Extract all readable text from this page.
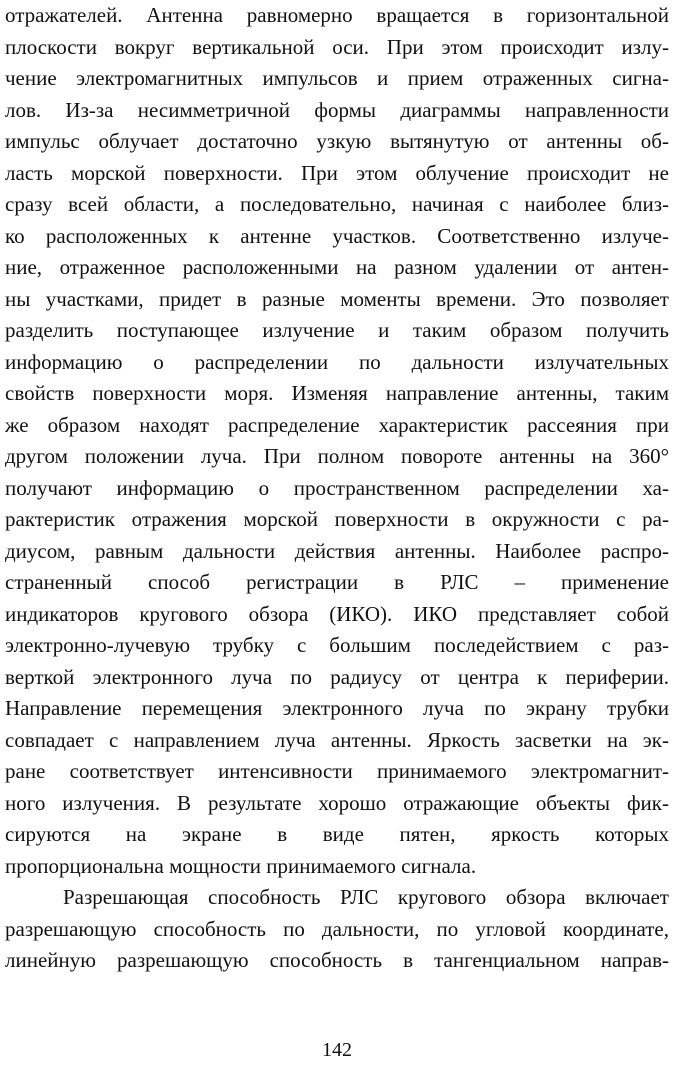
отражателей. Антенна равномерно вращается в горизонтальной
плоскости вокруг вертикальной оси. При этом происходит излу-
чение электромагнитных импульсов и прием отраженных сигна-
лов. Из-за несимметричной формы диаграммы направленности
импульс облучает достаточно узкую вытянутую от антенны об-
ласть морской поверхности. При этом облучение происходит не
сразу всей области, а последовательно, начиная с наиболее близ-
ко расположенных к антенне участков. Соответственно излуче-
ние, отраженное расположенными на разном удалении от антен-
ны участками, придет в разные моменты времени. Это позволяет
разделить поступающее излучение и таким образом получить
информацию о распределении по дальности излучательных
свойств поверхности моря. Изменяя направление антенны, таким
же образом находят распределение характеристик рассеяния при
другом положении луча. При полном повороте антенны на 360°
получают информацию о пространственном распределении ха-
рактеристик отражения морской поверхности в окружности с ра-
диусом, равным дальности действия антенны. Наиболее распро-
страненный способ регистрации в РЛС – применение
индикаторов кругового обзора (ИКО). ИКО представляет собой
электронно-лучевую трубку с большим последействием с раз-
верткой электронного луча по радиусу от центра к периферии.
Направление перемещения электронного луча по экрану трубки
совпадает с направлением луча антенны. Яркость засветки на эк-
ране соответствует интенсивности принимаемого электромагнит-
ного излучения. В результате хорошо отражающие объекты фик-
сируются на экране в виде пятен, яркость которых
пропорциональна мощности принимаемого сигнала.
Разрешающая способность РЛС кругового обзора включает
разрешающую способность по дальности, по угловой координате,
линейную разрешающую способность в тангенциальном направ-
142
